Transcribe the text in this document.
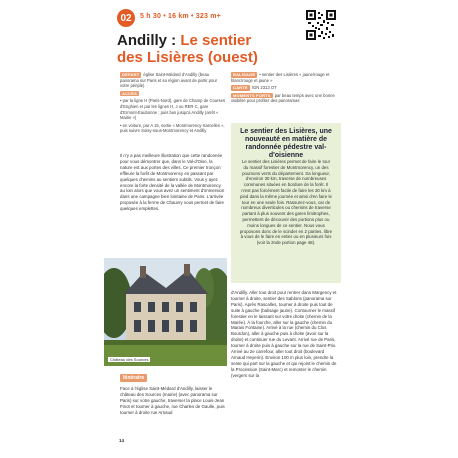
02	5 h 30 • 16 km • 323 m+
Andilly : Le sentier
des Lisières (ouest)

DÉPART église Saint-Médard d'Andilly (beau panorama sur Paris et sa région avant de partir pour votre périple)

ACCÈS

• par la ligne H (Paris-Nord), gare de Champ de Courses d'Enghien et par les lignes H, J ou RER C, gare d'Ermont-Eaubonne ; puis bus jusqu'à Andilly (arrêt « Mairie »)

• en voiture, par A 15, sortie « Montmorency-Sarcelles », puis suivre Soisy-sous-Montmorency et Andilly

BALISAGE • sentier des Lisières « jaune/rouge et blanc/rouge et jaune »

CARTE IGN 2313 OT

MOMENTS FORTS par beau temps avec une bonne visibilité pour profiter des panoramas

Il n'y a pas meilleure illustration que cette randonnée pour vous démontrer que, dans le Val-d'Oise, la nature est aux portes des villes. Ce premier tronçon effleure la forêt de Montmorency en passant par quelques chemins au sentiers subtils. Vous y ayez encore la forte densité de la vallée de Montmorency au loin alors que vous avez un sentiment d'immersion dans une campagne bien lointaine de Paris. L'arrivée proposée à la ferme de Chauvry vous permet de faire quelques emplettes.
Le sentier des Lisières, une nouveauté en matière de randonnée pédestre val-d'oisienne
Le sentier des Lisières permet de faire le tour du massif forestier de Montmorency, un des poumons verts du département. Sa longueur, d'environ 30 km, traverse de nombreuses communes situées en bordure de la forêt. Il n'est pas forcément facile de faire les 30 km à pied dans la même journée et ainsi d'en faire le tour en une seule fois. Rassurez-vous, car de nombreux diverticules ou chemins de traverse partant à plus souvent des gares limitrophes, permettent de découvrir des portions plus ou moins longues de ce sentier. Nous vous proposons donc de le scinder en 2 parties, libre à vous de le faire en entier ou en plusieurs fois (voir la 2nde portion page 48).
Château des Sources
Itinéraire
Face à l'église Saint-Médard d'Andilly, laisser le château des Sources (mairie) (avec panorama sur Paris) sur votre gauche, traverser la place Louis-Jean Finot et tourner à gauche, rue Charles de Gaulle, puis tourner à droite rue Arnaud
d'Andilly. Aller tout droit pour rentrer dans Margency et tourner à droite, sentier des Sablons (panorama sur Paris). Après Rascalles, tourner à droite puis tout de suite à gauche (balisage jaune). Contourner le massif forestier en le laissant sur votre droite (chemin de la Marée). À la fourche, aller sur la gauche (chemin du Marais Fontaine). Arrivé à la rue (chemin du Clos Bourdon), aller à gauche puis à droite (avoir sur la droite) et continuer rue du Levant. Arrivé rue de Paris, tourner à droite puis à gauche sur la rue de Saint-Prix. Arrivé au 2e carrefour, aller tout droit (boulevard Arnaud Heyerin). Environ 100 m plus loin, prendre la sente qui part sur la gauche et qui rejoint le chemin de la Procession (Saint-Marc) et remonter le chemin (vergers sur la
14
